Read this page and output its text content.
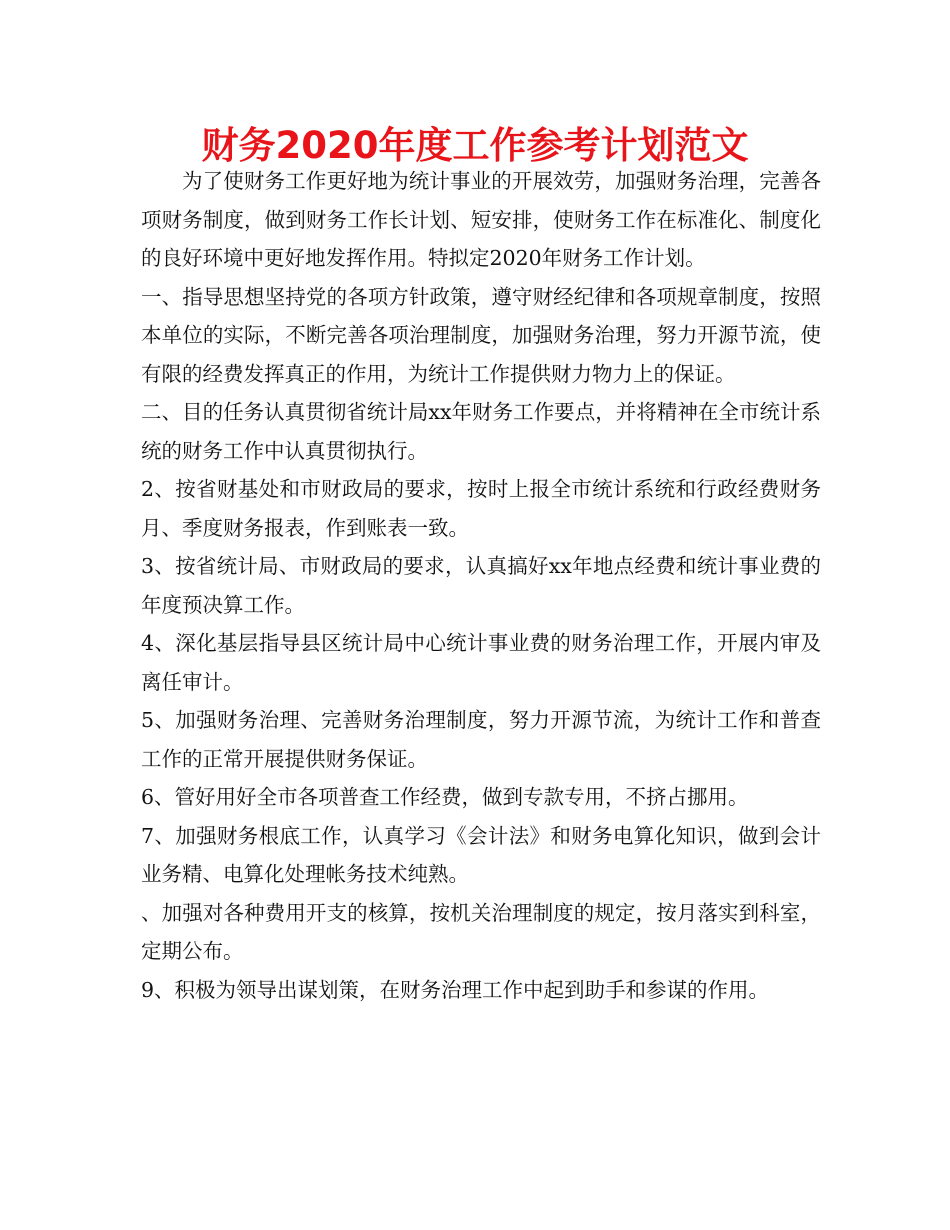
财务2020年度工作参考计划范文

为了使财务工作更好地为统计事业的开展效劳，加强财务治理，完善各项财务制度，做到财务工作长计划、短安排，使财务工作在标准化、制度化的良好环境中更好地发挥作用。特拟定2020年财务工作计划。

一、指导思想坚持党的各项方针政策，遵守财经纪律和各项规章制度，按照本单位的实际，不断完善各项治理制度，加强财务治理，努力开源节流，使有限的经费发挥真正的作用，为统计工作提供财力物力上的保证。

二、目的任务认真贯彻省统计局xx年财务工作要点，并将精神在全市统计系统的财务工作中认真贯彻执行。

2、按省财基处和市财政局的要求，按时上报全市统计系统和行政经费财务月、季度财务报表，作到账表一致。

3、按省统计局、市财政局的要求，认真搞好xx年地点经费和统计事业费的年度预决算工作。

4、深化基层指导县区统计局中心统计事业费的财务治理工作，开展内审及离任审计。

5、加强财务治理、完善财务治理制度，努力开源节流，为统计工作和普查工作的正常开展提供财务保证。

6、管好用好全市各项普查工作经费，做到专款专用，不挤占挪用。

7、加强财务根底工作，认真学习《会计法》和财务电算化知识，做到会计业务精、电算化处理帐务技术纯熟。

、加强对各种费用开支的核算，按机关治理制度的规定，按月落实到科室，定期公布。

9、积极为领导出谋划策，在财务治理工作中起到助手和参谋的作用。
